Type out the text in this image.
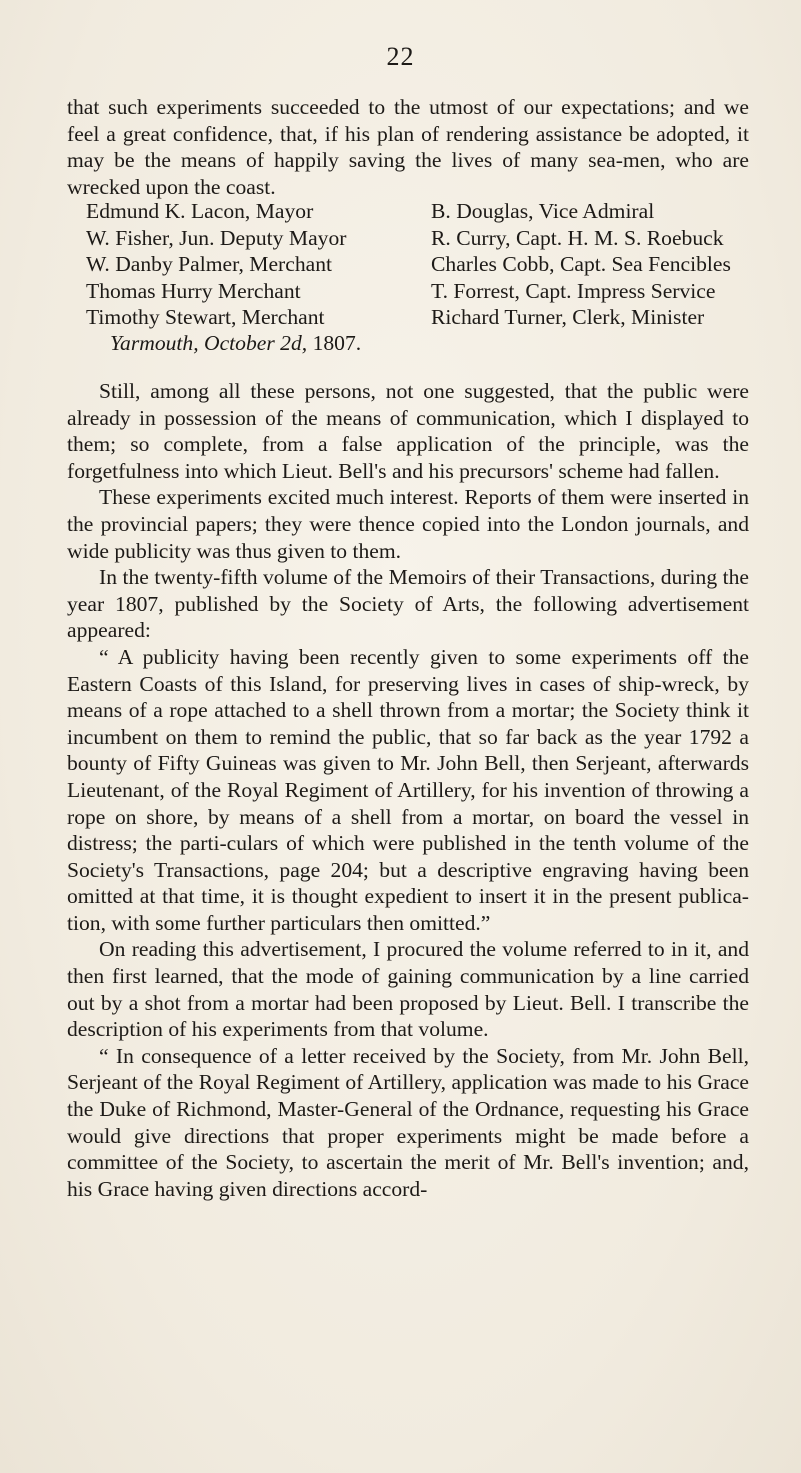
22

that such experiments succeeded to the utmost of our expectations; and we feel a great confidence, that, if his plan of rendering assistance be adopted, it may be the means of happily saving the lives of many sea-men, who are wrecked upon the coast.

Edmund K. Lacon, Mayor
W. Fisher, Jun. Deputy Mayor
W. Danby Palmer, Merchant
Thomas Hurry Merchant
Timothy Stewart, Merchant
B. Douglas, Vice Admiral
R. Curry, Capt. H. M. S. Roebuck
Charles Cobb, Capt. Sea Fencibles
T. Forrest, Capt. Impress Service
Richard Turner, Clerk, Minister
Yarmouth, October 2d, 1807.

Still, among all these persons, not one suggested, that the public were already in possession of the means of communication, which I displayed to them; so complete, from a false application of the principle, was the forgetfulness into which Lieut. Bell's and his precursors' scheme had fallen.

These experiments excited much interest. Reports of them were inserted in the provincial papers; they were thence copied into the London journals, and wide publicity was thus given to them.

In the twenty-fifth volume of the Memoirs of their Transactions, during the year 1807, published by the Society of Arts, the following advertisement appeared:

“ A publicity having been recently given to some experiments off the Eastern Coasts of this Island, for preserving lives in cases of ship-wreck, by means of a rope attached to a shell thrown from a mortar; the Society think it incumbent on them to remind the public, that so far back as the year 1792 a bounty of Fifty Guineas was given to Mr. John Bell, then Serjeant, afterwards Lieutenant, of the Royal Regiment of Artillery, for his invention of throwing a rope on shore, by means of a shell from a mortar, on board the vessel in distress; the parti-culars of which were published in the tenth volume of the Society's Transactions, page 204; but a descriptive engraving having been omitted at that time, it is thought expedient to insert it in the present publica-tion, with some further particulars then omitted.”

On reading this advertisement, I procured the volume referred to in it, and then first learned, that the mode of gaining communication by a line carried out by a shot from a mortar had been proposed by Lieut. Bell. I transcribe the description of his experiments from that volume.

“ In consequence of a letter received by the Society, from Mr. John Bell, Serjeant of the Royal Regiment of Artillery, application was made to his Grace the Duke of Richmond, Master-General of the Ordnance, requesting his Grace would give directions that proper experiments might be made before a committee of the Society, to ascertain the merit of Mr. Bell's invention; and, his Grace having given directions accord-
